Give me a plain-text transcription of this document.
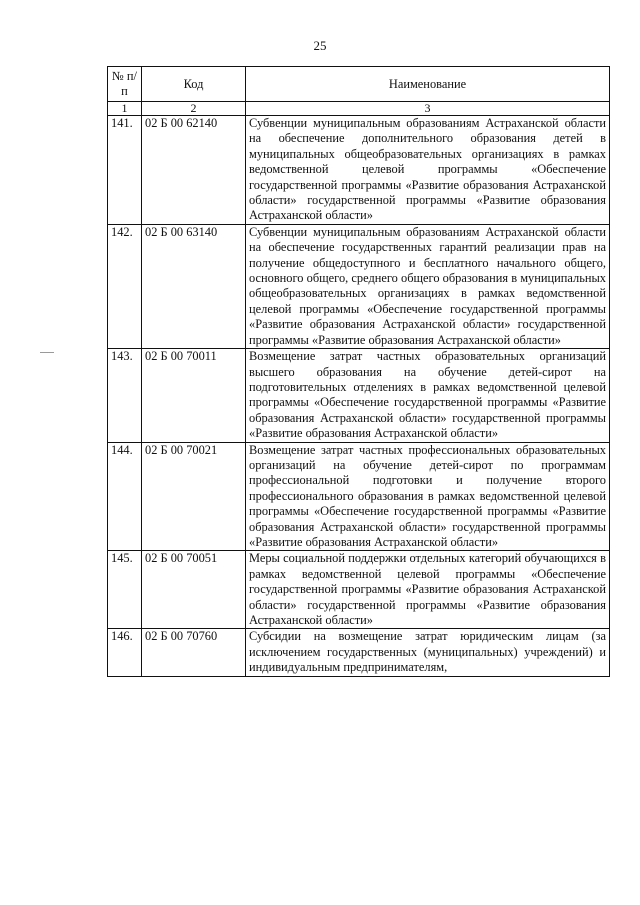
25
№ п/п	Код	Наименование
1	2	3
141.	02 Б 00 62140	Субвенции муниципальным образованиям Астраханской области на обеспечение дополнительного образования детей в муниципальных общеобразовательных организациях в рамках ведомственной целевой программы «Обеспечение государственной программы «Развитие образования Астраханской области» государственной программы «Развитие образования Астраханской области»
142.	02 Б 00 63140	Субвенции муниципальным образованиям Астраханской области на обеспечение государственных гарантий реализации прав на получение общедоступного и бесплатного начального общего, основного общего, среднего общего образования в муниципальных общеобразовательных организациях в рамках ведомственной целевой программы «Обеспечение государственной программы «Развитие образования Астраханской области» государственной программы «Развитие образования Астраханской области»
143.	02 Б 00 70011	Возмещение затрат частных образовательных организаций высшего образования на обучение детей-сирот на подготовительных отделениях в рамках ведомственной целевой программы «Обеспечение государственной программы «Развитие образования Астраханской области» государственной программы «Развитие образования Астраханской области»
144.	02 Б 00 70021	Возмещение затрат частных профессиональных образовательных организаций на обучение детей-сирот по программам профессиональной подготовки и получение второго профессионального образования в рамках ведомственной целевой программы «Обеспечение государственной программы «Развитие образования Астраханской области» государственной программы «Развитие образования Астраханской области»
145.	02 Б 00 70051	Меры социальной поддержки отдельных категорий обучающихся в рамках ведомственной целевой программы «Обеспечение государственной программы «Развитие образования Астраханской области» государственной программы «Развитие образования Астраханской области»
146.	02 Б 00 70760	Субсидии на возмещение затрат юридическим лицам (за исключением государственных (муниципальных) учреждений) и индивидуальным предпринимателям,
